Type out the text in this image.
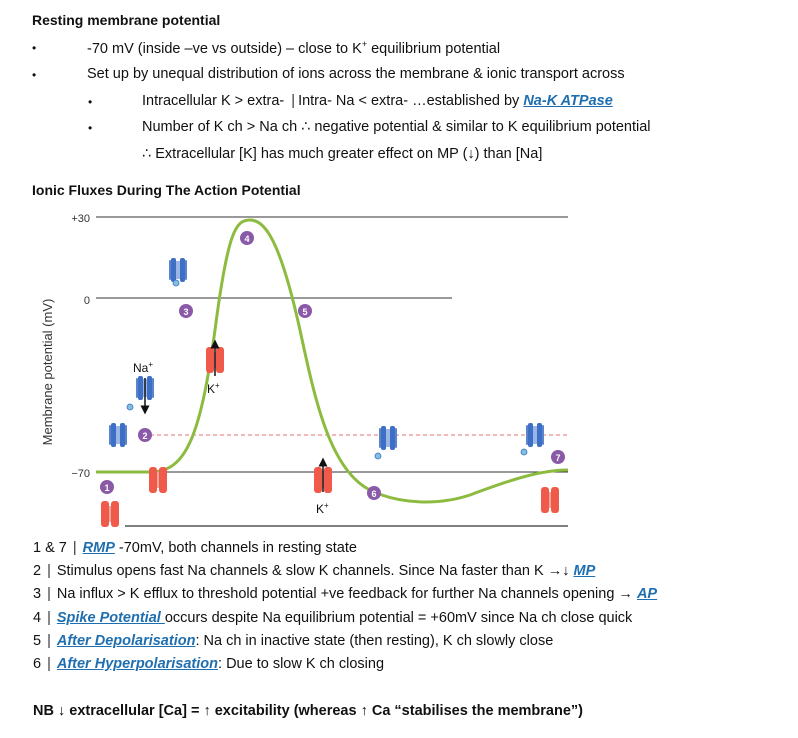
Resting membrane potential
•	-70 mV (inside –ve vs outside) – close to K+ equilibrium potential
•	Set up by unequal distribution of ions across the membrane & ionic transport across
•	Intracellular K > extra- | Intra- Na < extra- …established by Na-K ATPase
•	Number of K ch > Na ch ∴ negative potential & similar to K equilibrium potential
∴ Extracellular [K] has much greater effect on MP (↓) than [Na]
Ionic Fluxes During The Action Potential
Membrane potential (mV)
+30
0
−70
Na+
K+
K+
1
2
3
4
5
6
7
1 & 7 | RMP -70mV, both channels in resting state
2 | Stimulus opens fast Na channels & slow K channels. Since Na faster than K →↓ MP
3 | Na influx > K efflux to threshold potential +ve feedback for further Na channels opening → AP
4 | Spike Potential occurs despite Na equilibrium potential = +60mV since Na ch close quick
5 | After Depolarisation: Na ch in inactive state (then resting), K ch slowly close
6 | After Hyperpolarisation: Due to slow K ch closing
NB ↓ extracellular [Ca] = ↑ excitability (whereas ↑ Ca “stabilises the membrane”)
